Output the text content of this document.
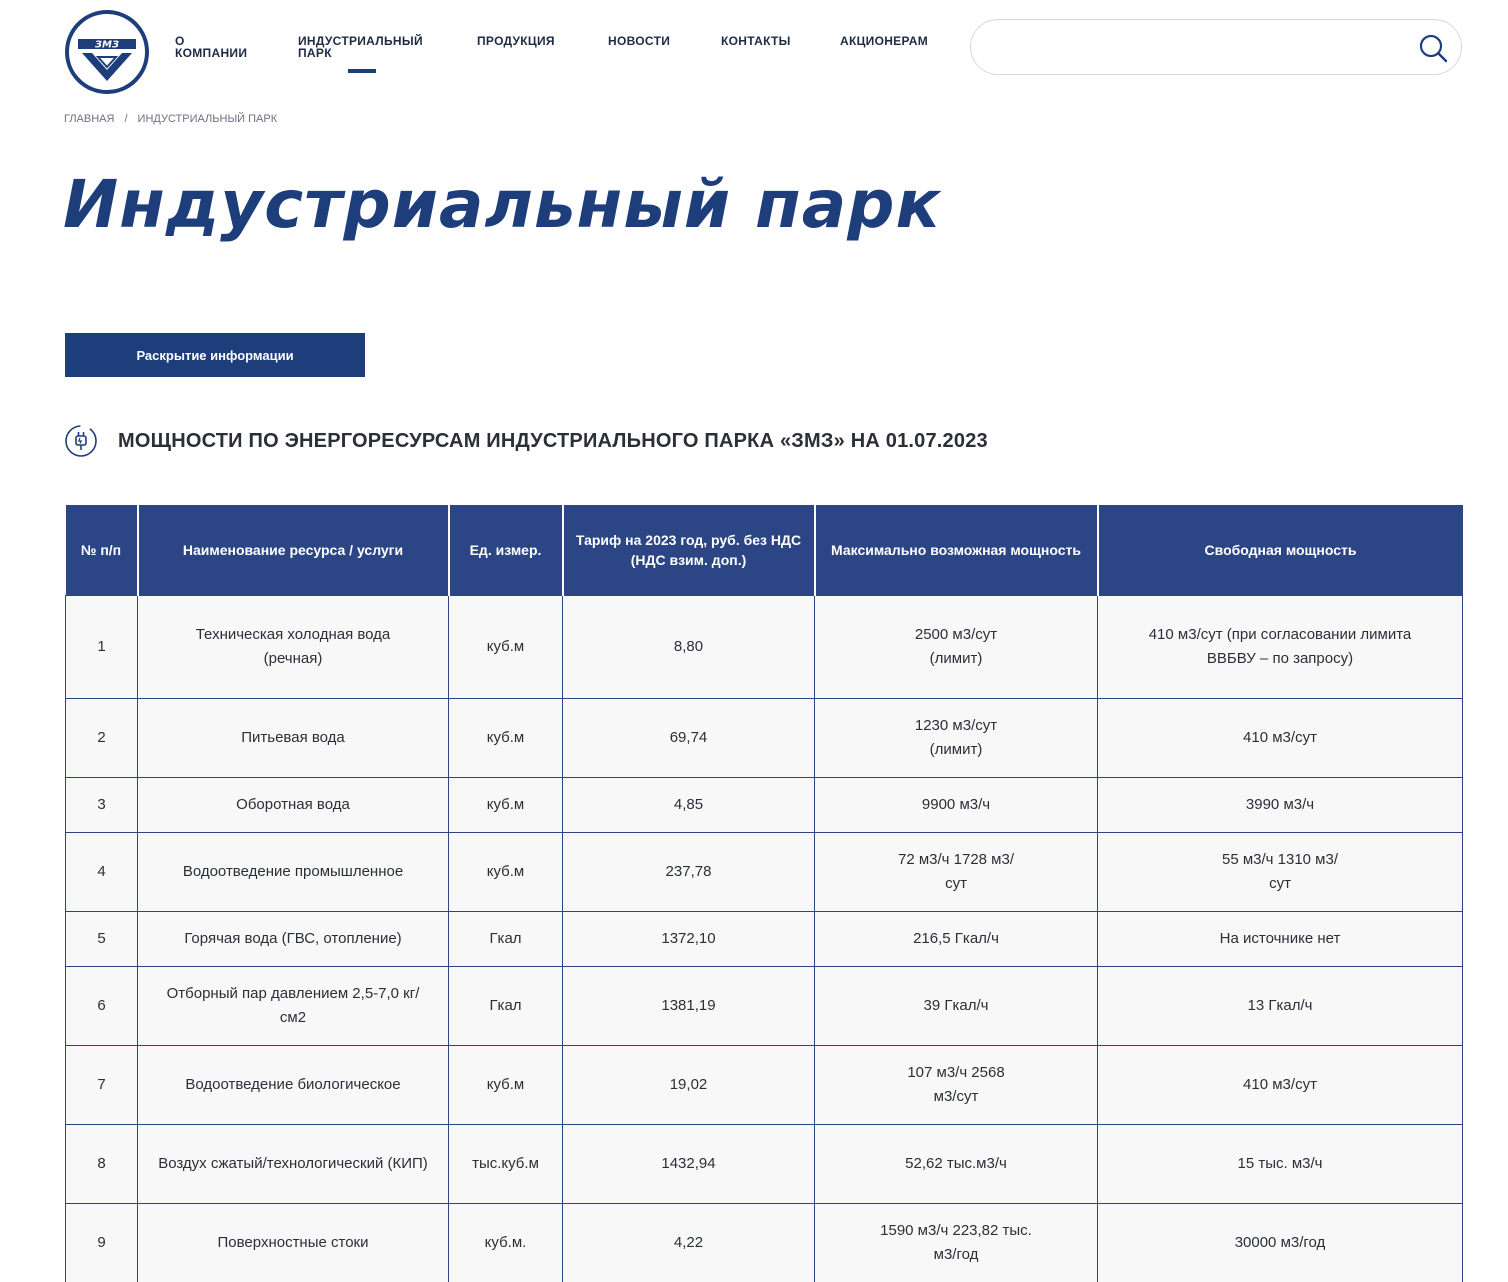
ЗМЗ	О
КОМПАНИИ
ИНДУСТРИАЛЬНЫЙ
ПАРК
ПРОДУКЦИЯ	НОВОСТИ	КОНТАКТЫ	АКЦИОНЕРАМ
ГЛАВНАЯ / ИНДУСТРИАЛЬНЫЙ ПАРК
Индустриальный парк
Раскрытие информации
МОЩНОСТИ ПО ЭНЕРГОРЕСУРСАМ ИНДУСТРИАЛЬНОГО ПАРКА «ЗМЗ» НА 01.07.2023
№ п/п	Наименование ресурса / услуги	Ед. измер.	Тариф на 2023 год, руб. без НДС (НДС взим. доп.)	Максимально возможная мощность	Свободная мощность
1	Техническая холодная вода (речная)	куб.м	8,80	2500 м3/сут (лимит)	410 м3/сут (при согласовании лимита ВВБВУ – по запросу)
2	Питьевая вода	куб.м	69,74	1230 м3/сут (лимит)	410 м3/сут
3	Оборотная вода	куб.м	4,85	9900 м3/ч	3990 м3/ч
4	Водоотведение промышленное	куб.м	237,78	72 м3/ч 1728 м3/сут	55 м3/ч 1310 м3/сут
5	Горячая вода (ГВС, отопление)	Гкал	1372,10	216,5 Гкал/ч	На источнике нет
6	Отборный пар давлением 2,5-7,0 кг/см2	Гкал	1381,19	39 Гкал/ч	13 Гкал/ч
7	Водоотведение биологическое	куб.м	19,02	107 м3/ч 2568 м3/сут	410 м3/сут
8	Воздух сжатый/технологический (КИП)	тыс.куб.м	1432,94	52,62 тыс.м3/ч	15 тыс. м3/ч
9	Поверхностные стоки	куб.м.	4,22	1590 м3/ч 223,82 тыс. м3/год	30000 м3/год
